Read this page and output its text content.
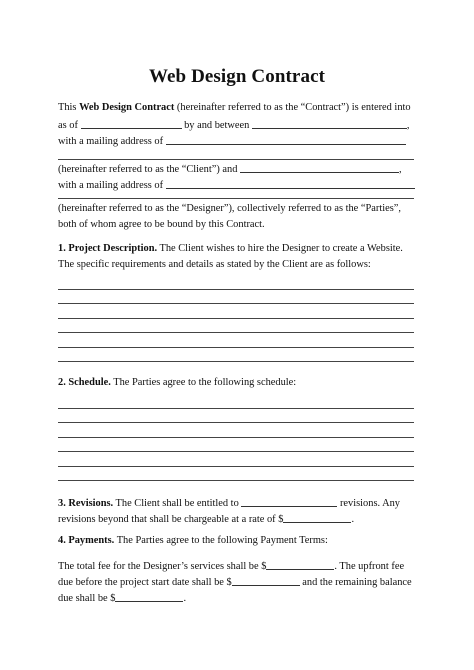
Web Design Contract
This Web Design Contract (hereinafter referred to as the “Contract”) is entered into
as of	by and between	,
with a mailing address of
(hereinafter referred to as the “Client”) and	,
with a mailing address of
(hereinafter referred to as the “Designer”), collectively referred to as the “Parties”,
both of whom agree to be bound by this Contract.
1. Project Description. The Client wishes to hire the Designer to create a Website.
The specific requirements and details as stated by the Client are as follows:
2. Schedule. The Parties agree to the following schedule:
3. Revisions. The Client shall be entitled to	revisions. Any
revisions beyond that shall be chargeable at a rate of $	.
4. Payments. The Parties agree to the following Payment Terms:
The total fee for the Designer’s services shall be $	. The upfront fee
due before the project start date shall be $	and the remaining balance
due shall be $	.
